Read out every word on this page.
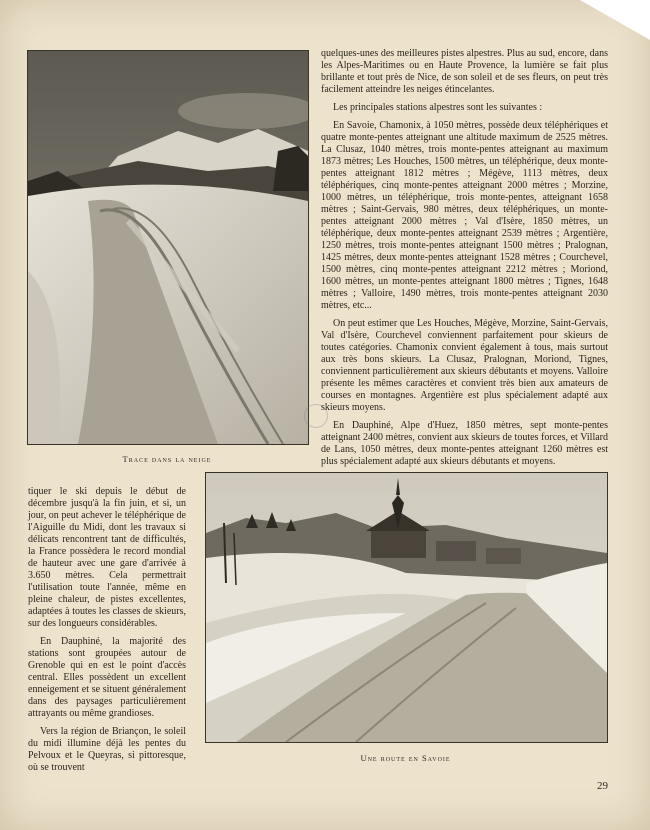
Trace dans la neige

quelques-unes des meilleures pistes alpestres. Plus au sud, encore, dans les Alpes-Maritimes ou en Haute Provence, la lumière se fait plus brillante et tout près de Nice, de son soleil et de ses fleurs, on peut très facilement atteindre les neiges étincelantes.

Les principales stations alpestres sont les suivantes :

En Savoie, Chamonix, à 1050 mètres, possède deux téléphériques et quatre monte-pentes atteignant une altitude maximum de 2525 mètres. La Clusaz, 1040 mètres, trois monte-pentes atteignant au maximum 1873 mètres; Les Houches, 1500 mètres, un téléphérique, deux monte-pentes atteignant 1812 mètres ; Mégève, 1113 mètres, deux téléphériques, cinq monte-pentes atteignant 2000 mètres ; Morzine, 1000 mètres, un téléphérique, trois monte-pentes, atteignant 1658 mètres ; Saint-Gervais, 980 mètres, deux téléphériques, un monte-pentes atteignant 2000 mètres ; Val d'Isère, 1850 mètres, un téléphérique, deux monte-pentes atteignant 2539 mètres ; Argentière, 1250 mètres, trois monte-pentes atteignant 1500 mètres ; Pralognan, 1425 mètres, deux monte-pentes atteignant 1528 mètres ; Courchevel, 1500 mètres, cinq monte-pentes atteignant 2212 mètres ; Moriond, 1600 mètres, un monte-pentes atteignant 1800 mètres ; Tignes, 1648 mètres ; Valloire, 1490 mètres, trois monte-pentes atteignant 2030 mètres, etc...

On peut estimer que Les Houches, Mégève, Morzine, Saint-Gervais, Val d'Isère, Courchevel conviennent parfaitement pour skieurs de toutes catégories. Chamonix convient également à tous, mais surtout aux très bons skieurs. La Clusaz, Pralognan, Moriond, Tignes, conviennent particulièrement aux skieurs débutants et moyens. Valloire présente les mêmes caractères et convient très bien aux amateurs de courses en montagnes. Argentière est plus spécialement adapté aux skieurs moyens.

En Dauphiné, Alpe d'Huez, 1850 mètres, sept monte-pentes atteignant 2400 mètres, convient aux skieurs de toutes forces, et Villard de Lans, 1050 mètres, deux monte-pentes atteignant 1260 mètres est plus spécialement adapté aux skieurs débutants et moyens.

tiquer le ski depuis le début de décembre jusqu'à la fin juin, et si, un jour, on peut achever le téléphérique de l'Aiguille du Midi, dont les travaux si délicats rencontrent tant de difficultés, la France possèdera le record mondial de hauteur avec une gare d'arrivée à 3.650 mètres. Cela permettrait l'utilisation toute l'année, même en pleine chaleur, de pistes excellentes, adaptées à toutes les classes de skieurs, sur des longueurs considérables.

En Dauphiné, la majorité des stations sont groupées autour de Grenoble qui en est le point d'accès central. Elles possèdent un excellent enneigement et se situent généralement dans des paysages particulièrement attrayants ou même grandioses.

Vers la région de Briançon, le soleil du midi illumine déjà les pentes du Pelvoux et le Queyras, si pittoresque, où se trouvent

Une route en Savoie
29
